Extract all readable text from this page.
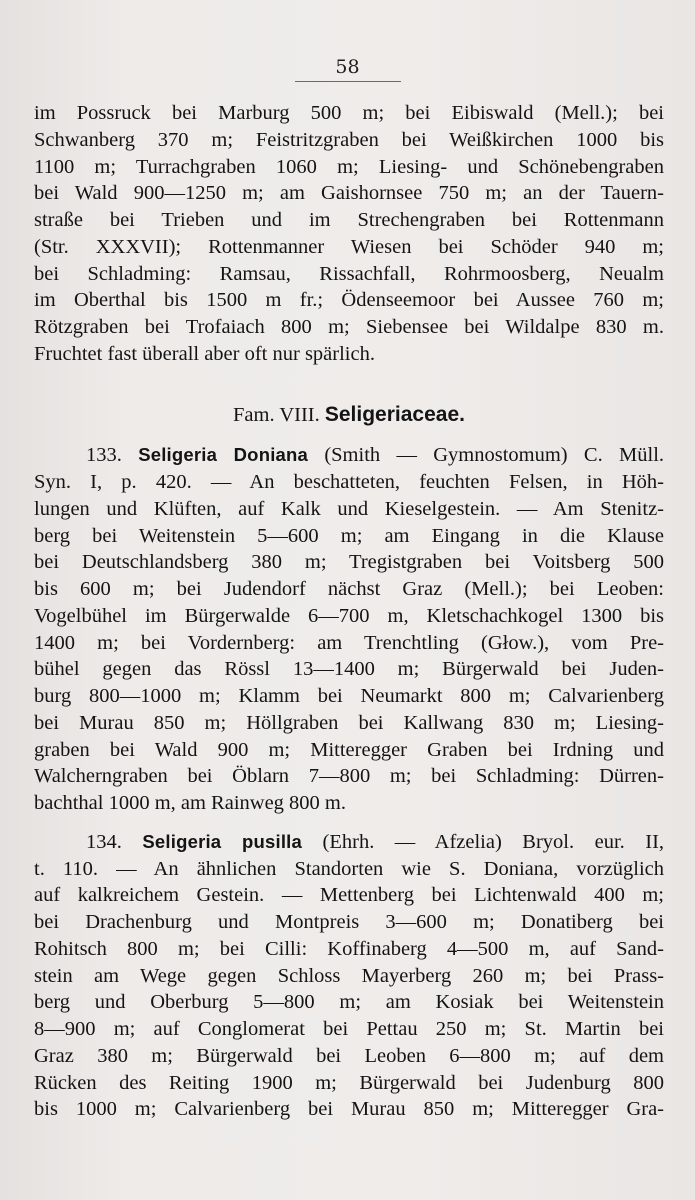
58
im Possruck bei Marburg 500 m; bei Eibiswald (Mell.); bei
Schwanberg 370 m; Feistritzgraben bei Weißkirchen 1000 bis
1100 m; Turrachgraben 1060 m; Liesing- und Schönebengraben
bei Wald 900—1250 m; am Gaishornsee 750 m; an der Tauern-
straße bei Trieben und im Strechengraben bei Rottenmann
(Str. XXXVII); Rottenmanner Wiesen bei Schöder 940 m;
bei Schladming: Ramsau, Rissachfall, Rohrmoosberg, Neualm
im Oberthal bis 1500 m fr.; Ödenseemoor bei Aussee 760 m;
Rötzgraben bei Trofaiach 800 m; Siebensee bei Wildalpe 830 m.
Fruchtet fast überall aber oft nur spärlich.
Fam. VIII. Seligeriaceae.
133. Seligeria Doniana (Smith — Gymnostomum) C. Müll.
Syn. I, p. 420. — An beschatteten, feuchten Felsen, in Höh-
lungen und Klüften, auf Kalk und Kieselgestein. — Am Stenitz-
berg bei Weitenstein 5—600 m; am Eingang in die Klause
bei Deutschlandsberg 380 m; Tregistgraben bei Voitsberg 500
bis 600 m; bei Judendorf nächst Graz (Mell.); bei Leoben:
Vogelbühel im Bürgerwalde 6—700 m, Kletschachkogel 1300 bis
1400 m; bei Vordernberg: am Trenchtling (Głow.), vom Pre-
bühel gegen das Rössl 13—1400 m; Bürgerwald bei Juden-
burg 800—1000 m; Klamm bei Neumarkt 800 m; Calvarienberg
bei Murau 850 m; Höllgraben bei Kallwang 830 m; Liesing-
graben bei Wald 900 m; Mitteregger Graben bei Irdning und
Walcherngraben bei Öblarn 7—800 m; bei Schladming: Dürren-
bachthal 1000 m, am Rainweg 800 m.
134. Seligeria pusilla (Ehrh. — Afzelia) Bryol. eur. II,
t. 110. — An ähnlichen Standorten wie S. Doniana, vorzüglich
auf kalkreichem Gestein. — Mettenberg bei Lichtenwald 400 m;
bei Drachenburg und Montpreis 3—600 m; Donatiberg bei
Rohitsch 800 m; bei Cilli: Koffinaberg 4—500 m, auf Sand-
stein am Wege gegen Schloss Mayerberg 260 m; bei Prass-
berg und Oberburg 5—800 m; am Kosiak bei Weitenstein
8—900 m; auf Conglomerat bei Pettau 250 m; St. Martin bei
Graz 380 m; Bürgerwald bei Leoben 6—800 m; auf dem
Rücken des Reiting 1900 m; Bürgerwald bei Judenburg 800
bis 1000 m; Calvarienberg bei Murau 850 m; Mitteregger Gra-
